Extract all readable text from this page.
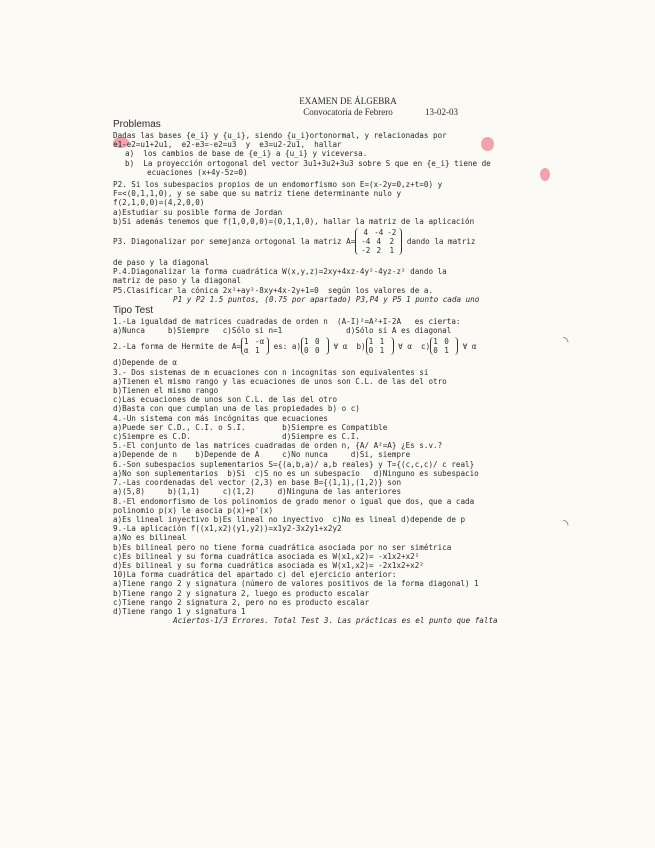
◝
◝
EXAMEN DE ÁLGEBRA
Convocatoria de Febrero	13-02-03
Problemas
Dadas las bases {e_i} y {u_i}, siendo {u_i}ortonormal, y relacionadas por
e1-e2=u1+2u1,  e2-e3=-e2=u3  y  e3=u2-2u1,  hallar
a)  los cambios de base de {e_i} a {u_i} y viceversa.
b)  La proyección ortogonal del vector 3u1+3u2+3u3 sobre S que en {e_i} tiene de
ecuaciones (x+4y-5z=0)
P2. Si los subespacios propios de un endomorfismo son E=(x-2y=0,z+t=0) y
F=<(0,1,1,0), y se sabe que su matriz tiene determinante nulo y
f(2,1,0,0)=(4,2,0,0)
a)Estudiar su posible forma de Jordan
b)Si además tenemos que f(1,0,0,0)=(0,1,1,0), hallar la matriz de la aplicación
P3. Diagonalizar por semejanza ortogonal la matriz A=
4 -4 -2
-4 4 2
-2 2 1
dando la matriz
de paso y la diagonal
P.4.Diagonalizar la forma cuadrática W(x,y,z)=2xy+4xz-4y²-4yz-z² dando la
matriz de paso y la diagonal
P5.Clasificar la cónica 2x²+ay²-8xy+4x-2y+1=0  según los valores de a.
P1 y P2 1.5 puntos, (0.75 por apartado) P3,P4 y P5 1 punto cada uno
Tipo Test
1.-La igualdad de matrices cuadradas de orden n  (A-I)²=A²+I-2A   es cierta:
a)Nunca     b)Siempre   c)Sólo si n=1              d)Sólo si A es diagonal
2.-La forma de Hermite de A= 1 -α
α 1
es: a) 1 0
0 0
∀ α  b) 1 1
0 1
∀ α  c) 1 0
0 1
∀ α
d)Depende de α
3.- Dos sistemas de m ecuaciones con n incognitas son equivalentes si
a)Tienen el mismo rango y las ecuaciones de unos son C.L. de las del otro
b)Tienen el mismo rango
c)Las ecuaciones de unos son C.L. de las del otro
d)Basta con que cumplan una de las propiedades b) o c)
4.-Un sistema con más incógnitas que ecuaciones
a)Puede ser C.D., C.I. o S.I.        b)Siempre es Compatible
c)Siempre es C.D.                    d)Siempre es C.I.
5.-El conjunto de las matrices cuadradas de orden n, {A/ A²=A} ¿Es s.v.?
a)Depende de n    b)Depende de A     c)No nunca     d)Si, siempre
6.-Son subespacios suplementarios S={(a,b,a)/ a,b reales} y T={(c,c,c)/ c real}
a)No son suplementarios  b)Si  c)S no es un subespacio   d)Ninguno es subespacio
7.-Las coordenadas del vector (2,3) en base B={(1,1),(1,2)} son
a)(5,8)     b)(1,1)     c)(1,2)     d)Ninguna de las anteriores
8.-El endomorfismo de los polinomios de grado menor o igual que dos, que a cada
polinomio p(x) le asocia p(x)+p'(x)
a)Es lineal inyectivo b)Es lineal no inyectivo  c)No es lineal d)depende de p
9.-La aplicación f((x1,x2)(y1,y2))=x1y2-3x2y1+x2y2
a)No es bilineal
b)Es bilineal pero no tiene forma cuadrática asociada por no ser simétrica
c)Es bilineal y su forma cuadrática asociada es W(x1,x2)= -x1x2+x2²
d)Es bilineal y su forma cuadrática asociada es W(x1,x2)= -2x1x2+x2²
10)La forma cuadrática del apartado c) del ejercicio anterior:
a)Tiene rango 2 y signatura (número de valores positivos de la forma diagonal) 1
b)Tiene rango 2 y signatura 2, luego es producto escalar
c)Tiene rango 2 signatura 2, pero no es producto escalar
d)Tiene rango 1 y signatura 1
Aciertos-1/3 Errores. Total Test 3. Las prácticas es el punto que falta
